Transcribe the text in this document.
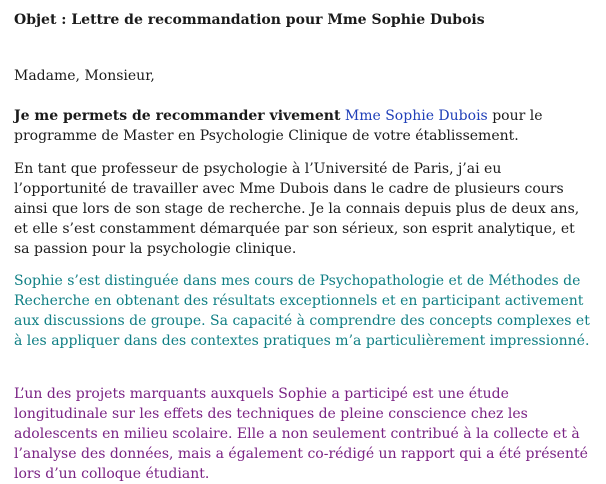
Objet : Lettre de recommandation pour Mme Sophie Dubois

Madame, Monsieur,

Je me permets de recommander vivement Mme Sophie Dubois pour le programme de Master en Psychologie Clinique de votre établissement.

En tant que professeur de psychologie à l’Université de Paris, j’ai eu l’opportunité de travailler avec Mme Dubois dans le cadre de plusieurs cours ainsi que lors de son stage de recherche. Je la connais depuis plus de deux ans, et elle s’est constamment démarquée par son sérieux, son esprit analytique, et sa passion pour la psychologie clinique.

Sophie s’est distinguée dans mes cours de Psychopathologie et de Méthodes de Recherche en obtenant des résultats exceptionnels et en participant activement aux discussions de groupe. Sa capacité à comprendre des concepts complexes et à les appliquer dans des contextes pratiques m’a particulièrement impressionné.

L’un des projets marquants auxquels Sophie a participé est une étude longitudinale sur les effets des techniques de pleine conscience chez les adolescents en milieu scolaire. Elle a non seulement contribué à la collecte et à l’analyse des données, mais a également co-rédigé un rapport qui a été présenté lors d’un colloque étudiant.
